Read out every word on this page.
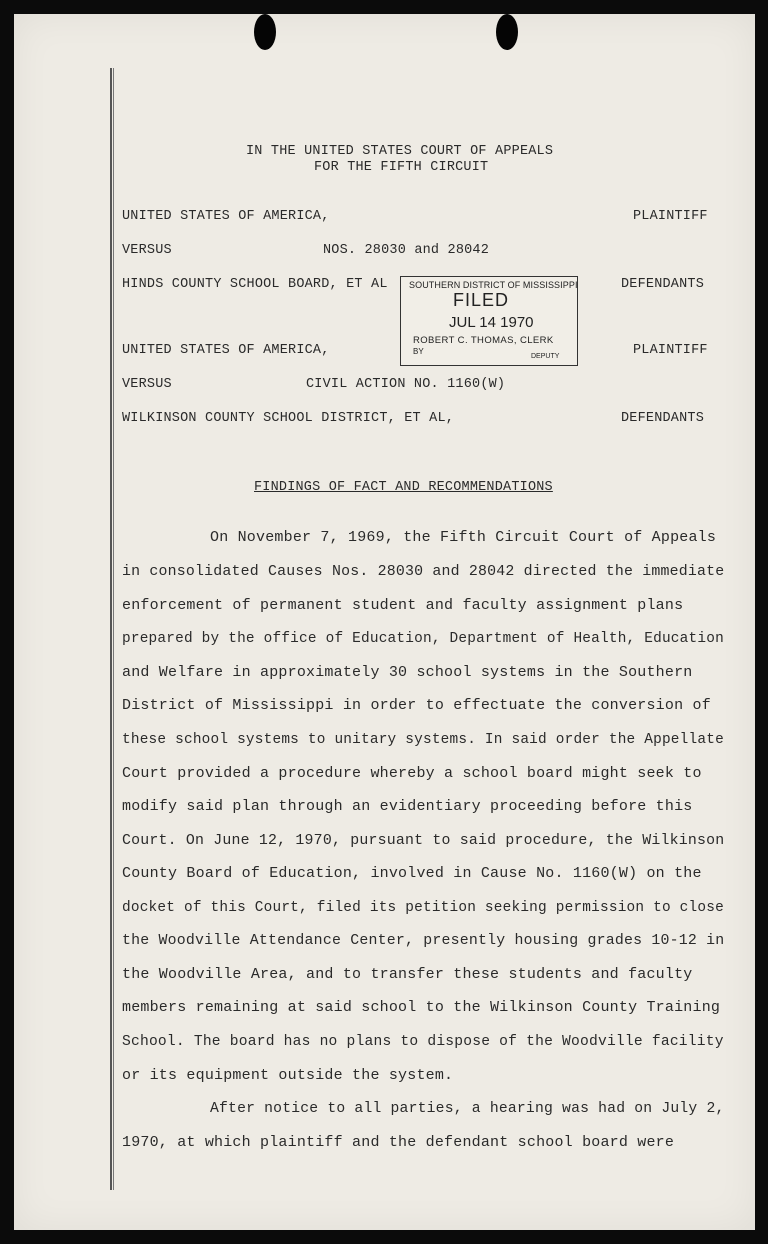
IN THE UNITED STATES COURT OF APPEALS
FOR THE FIFTH CIRCUIT
UNITED STATES OF AMERICA,	PLAINTIFF
VERSUS	NOS. 28030 and 28042
HINDS COUNTY SCHOOL BOARD, ET AL	DEFENDANTS
UNITED STATES OF AMERICA,	PLAINTIFF
VERSUS	CIVIL ACTION NO. 1160(W)
WILKINSON COUNTY SCHOOL DISTRICT, ET AL,	DEFENDANTS
SOUTHERN DISTRICT OF MISSISSIPPI
FILED
JUL 14 1970
ROBERT C. THOMAS, CLERK
BY
DEPUTY
FINDINGS OF FACT AND RECOMMENDATIONS
On November 7, 1969, the Fifth Circuit Court of Appeals
in consolidated Causes Nos. 28030 and 28042 directed the immediate
enforcement of permanent student and faculty assignment plans
prepared by the office of Education, Department of Health, Education
and Welfare in approximately 30 school systems in the Southern
District of Mississippi in order to effectuate the conversion of
these school systems to unitary systems. In said order the Appellate
Court provided a procedure whereby a school board might seek to
modify said plan through an evidentiary proceeding before this
Court. On June 12, 1970, pursuant to said procedure, the Wilkinson
County Board of Education, involved in Cause No. 1160(W) on the
docket of this Court, filed its petition seeking permission to close
the Woodville Attendance Center, presently housing grades 10-12 in
the Woodville Area, and to transfer these students and faculty
members remaining at said school to the Wilkinson County Training
School. The board has no plans to dispose of the Woodville facility
or its equipment outside the system.
After notice to all parties, a hearing was had on July 2,
1970, at which plaintiff and the defendant school board were
